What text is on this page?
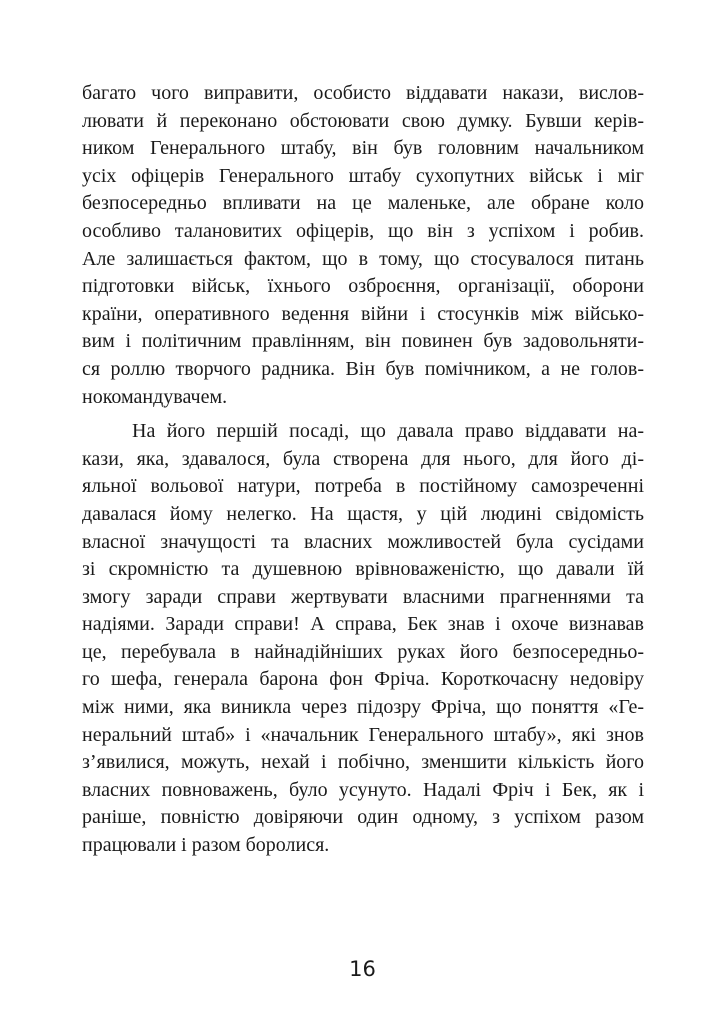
багато чого виправити, особисто віддавати накази, вислов-
лювати й переконано обстоювати свою думку. Бувши керів-
ником Генерального штабу, він був головним начальником
усіх офіцерів Генерального штабу сухопутних військ і міг
безпосередньо впливати на це маленьке, але обране коло
особливо талановитих офіцерів, що він з успіхом і робив.
Але залишається фактом, що в тому, що стосувалося питань
підготовки військ, їхнього озброєння, організації, оборони
країни, оперативного ведення війни і стосунків між військо-
вим і політичним правлінням, він повинен був задовольняти-
ся роллю творчого радника. Він був помічником, а не голов-
нокомандувачем.
На його першій посаді, що давала право віддавати на-
кази, яка, здавалося, була створена для нього, для його ді-
яльної вольової натури, потреба в постійному самозреченні
давалася йому нелегко. На щастя, у цій людині свідомість
власної значущості та власних можливостей була сусідами
зі скромністю та душевною врівноваженістю, що давали їй
змогу заради справи жертвувати власними прагненнями та
надіями. Заради справи! А справа, Бек знав і охоче визнавав
це, перебувала в найнадійніших руках його безпосередньо-
го шефа, генерала барона фон Фріча. Короткочасну недовіру
між ними, яка виникла через підозру Фріча, що поняття «Ге-
неральний штаб» і «начальник Генерального штабу», які знов
з’явилися, можуть, нехай і побічно, зменшити кількість його
власних повноважень, було усунуто. Надалі Фріч і Бек, як і
раніше, повністю довіряючи один одному, з успіхом разом
працювали і разом боролися.
16
